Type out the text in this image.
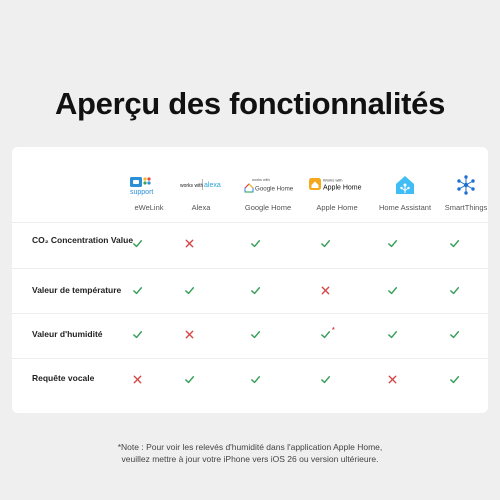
Aperçu des fonctionnalités
support
eWeLink
works with alexa
Alexa
works with
Google Home
Google Home
Works with
Apple Home
Apple Home	Home Assistant	SmartThings
CO₂ Concentration Value
Valeur de température
Valeur d'humidité
Requête vocale
*
*Note : Pour voir les relevés d'humidité dans l'application Apple Home,
veuillez mettre à jour votre iPhone vers iOS 26 ou version ultérieure.
